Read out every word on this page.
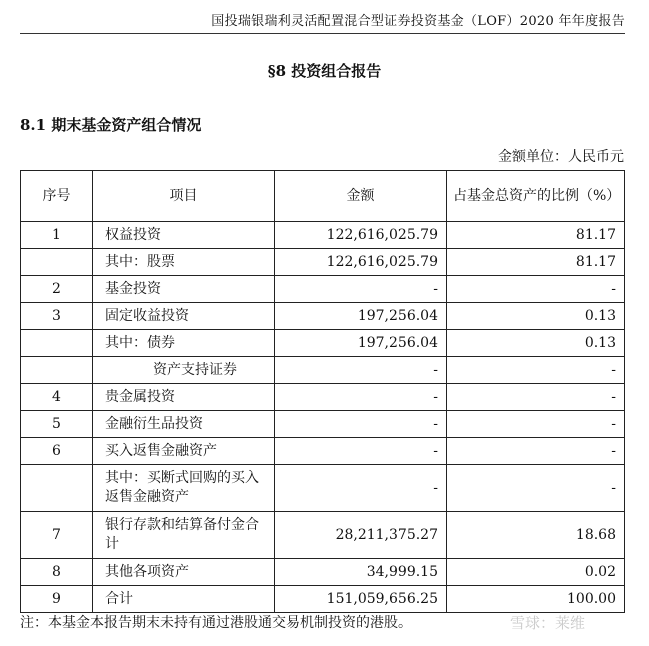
国投瑞银瑞利灵活配置混合型证券投资基金（LOF）2020 年年度报告
§8 投资组合报告
8.1 期末基金资产组合情况
金额单位：人民币元
序号	项目	金额	占基金总资产的比例（%）
1	权益投资	122,616,025.79	81.17
	其中：股票	122,616,025.79	81.17
2	基金投资	-	-
3	固定收益投资	197,256.04	0.13
	其中：债券	197,256.04	0.13
	资产支持证券	-	-
4	贵金属投资	-	-
5	金融衍生品投资	-	-
6	买入返售金融资产	-	-
	其中：买断式回购的买入返售金融资产	-	-
7	银行存款和结算备付金合计	28,211,375.27	18.68
8	其他各项资产	34,999.15	0.02
9	合计	151,059,656.25	100.00
注：本基金本报告期末未持有通过港股通交易机制投资的港股。	雪球：莱维
